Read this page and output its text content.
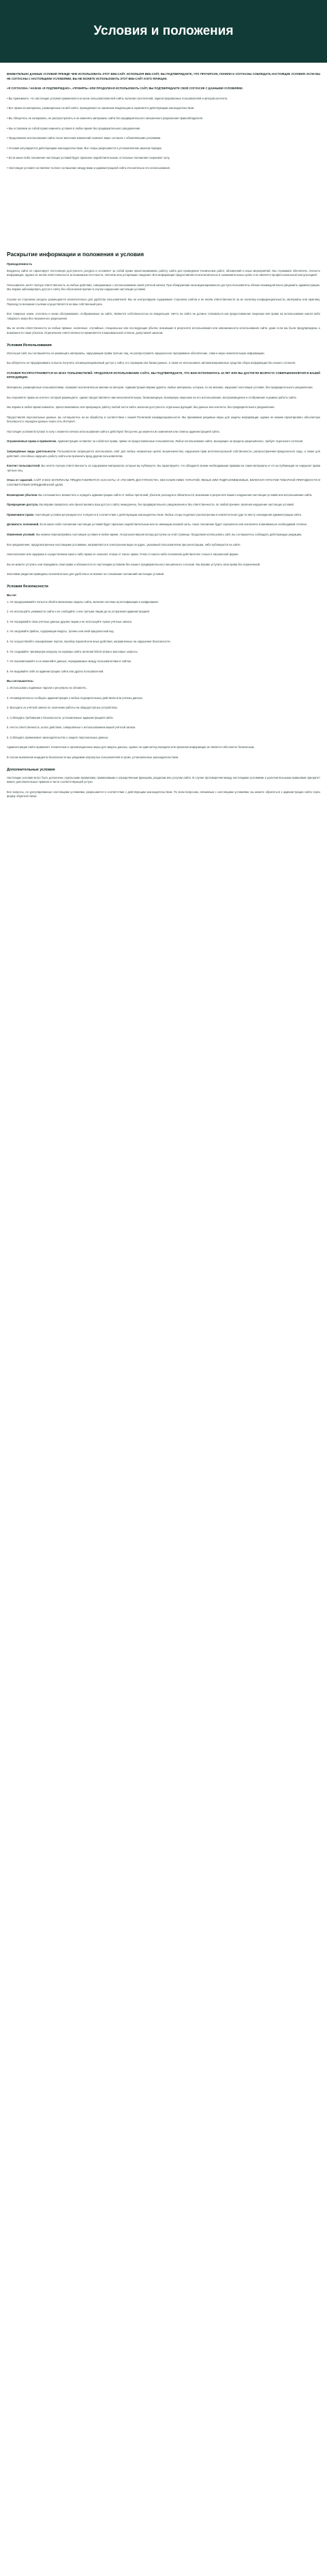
Условия и положения

ВНИМАТЕЛЬНО ДАННЫЕ УСЛОВИЯ ПРЕЖДЕ ЧЕМ ИСПОЛЬЗОВАТЬ ЭТОТ ВЕБ-САЙТ. ИСПОЛЬЗУЯ ВЕБ-САЙТ, ВЫ ПОДТВЕРЖДАЕТЕ, ЧТО ПРОЧИТАЛИ, ПОНЯЛИ И СОГЛАСНЫ СОБЛЮДАТЬ НАСТОЯЩИЕ УСЛОВИЯ. ЕСЛИ ВЫ НЕ СОГЛАСНЫ С НАСТОЯЩИМИ УСЛОВИЯМИ, ВЫ НЕ МОЖЕТЕ ИСПОЛЬЗОВАТЬ ЭТОТ ВЕБ-САЙТ И ЕГО ФУНКЦИИ.

«Я СОГЛАСЕН» / НАЖАВ «Я ПОДТВЕРЖДАЮ», «ПРИНЯТЬ» ИЛИ ПРОДОЛЖАЯ ИСПОЛЬЗОВАТЬ САЙТ, ВЫ ПОДТВЕРЖДАЕТЕ СВОЁ СОГЛАСИЕ С ДАННЫМИ УСЛОВИЯМИ.

• Вы принимаете, что настоящие условия применяются ко всем пользователям веб-сайта, включая посетителей, зарегистрированных пользователей и авторов контента.

• Все права на материалы, размещённые на веб-сайте, принадлежат их законным владельцам и охраняются действующим законодательством.

• Вы обязуетесь не копировать, не распространять и не изменять материалы сайта без предварительного письменного разрешения правообладателя.

• Мы оставляем за собой право изменять условия в любое время без предварительного уведомления.

• Продолжение использования сайта после внесения изменений означает ваше согласие с обновлёнными условиями.

• Условия регулируются действующим законодательством. Все споры разрешаются в установленном законом порядке.

• Если какое-либо положение настоящих условий будет признано недействительным, остальные положения сохраняют силу.

• Настоящие условия составляют полное соглашение между вами и администрацией сайта относительно его использования.

Раскрытие информации и положения и условия
Принадлежность

Владелец сайта не гарантирует постоянную доступность ресурса и оставляет за собой право приостанавливать работу сайта для проведения технических работ, обновлений и иных мероприятий. Мы стремимся обеспечить точность информации, однако не несём ответственности за возможные неточности, опечатки или устаревшие сведения. Вся информация предоставляется исключительно в ознакомительных целях и не является профессиональной консультацией.

Пользователь несёт полную ответственность за любые действия, совершаемые с использованием своей учётной записи. При обнаружении несанкционированного доступа пользователь обязан незамедлительно уведомить администрацию. Мы вправе заблокировать доступ к сайту без объяснения причин в случае нарушения настоящих условий.

Ссылки на сторонние ресурсы размещаются исключительно для удобства пользователей. Мы не контролируем содержимое сторонних сайтов и не несём ответственности за их политику конфиденциальности, материалы или практику. Переход по внешним ссылкам осуществляется на ваш собственный риск.

Все товарные знаки, логотипы и знаки обслуживания, отображаемые на сайте, являются собственностью их владельцев. Ничто на сайте не должно толковаться как предоставление лицензии или права на использование какого-либо товарного знака без письменного разрешения.

Мы не несём ответственности за любые прямые, косвенные, случайные, специальные или последующие убытки, возникшие в результате использования или невозможности использования сайта, даже если мы были предупреждены о возможности таких убытков. Ограничение ответственности применяется в максимальной степени, допустимой законом.

Условия Использования

Используя сайт, вы соглашаетесь не размещать материалы, нарушающие права третьих лиц, не распространять вредоносное программное обеспечение, спам и иную нежелательную информацию.

Вы обязуетесь не предпринимать попыток получить несанкционированный доступ к сайту, его серверам или базам данных, а также не использовать автоматизированные средства сбора информации без нашего согласия.

УСЛОВИЯ РАСПРОСТРАНЯЮТСЯ НА ВСЕХ ПОЛЬЗОВАТЕЛЕЙ. ПРОДОЛЖАЯ ИСПОЛЬЗОВАНИЕ САЙТА, ВЫ ПОДТВЕРЖДАЕТЕ, ЧТО ВАМ ИСПОЛНИЛОСЬ 18 ЛЕТ ИЛИ ВЫ ДОСТИГЛИ ВОЗРАСТА СОВЕРШЕННОЛЕТИЯ В ВАШЕЙ ЮРИСДИКЦИИ.

Материалы, размещённые пользователями, отражают исключительно мнение их авторов. Администрация вправе удалять любые материалы, которые, по её мнению, нарушают настоящие условия, без предварительного уведомления.

Вы сохраняете права на контент, который размещаете, однако предоставляете нам неисключительную, безвозмездную, всемирную лицензию на его использование, воспроизведение и отображение в рамках работы сайта.

Мы вправе в любое время изменять, приостанавливать или прекращать работу любой части сайта, включая доступность отдельных функций, баз данных или контента, без предварительного уведомления.

Предоставляя персональные данные, вы соглашаетесь на их обработку в соответствии с нашей Политикой конфиденциальности. Мы принимаем разумные меры для защиты информации, однако не можем гарантировать абсолютную безопасность передачи данных через сеть Интернет.

Настоящие условия вступают в силу с момента начала использования сайта и действуют бессрочно до момента их изменения или отмены администрацией сайта.

Ограниченные права и привилегии. Администрация оставляет за собой все права, прямо не предоставленные пользователю. Любое использование сайта, выходящее за пределы разрешённого, требует отдельного согласия.

Запрещённые виды деятельности. Пользователю запрещается использовать сайт для любых незаконных целей, мошенничества, нарушения прав интеллектуальной собственности, распространения вредоносного кода, а также для действий, способных нарушить работу сайта или причинить вред другим пользователям.

Контент пользователей. Вы несёте полную ответственность за содержание материалов, которые вы публикуете. Вы гарантируете, что обладаете всеми необходимыми правами на такие материалы и что их публикация не нарушает права третьих лиц.

Отказ от гарантий. САЙТ И ВСЕ МАТЕРИАЛЫ ПРЕДОСТАВЛЯЮТСЯ «КАК ЕСТЬ» И «ПО МЕРЕ ДОСТУПНОСТИ», БЕЗ КАКИХ-ЛИБО ГАРАНТИЙ, ЯВНЫХ ИЛИ ПОДРАЗУМЕВАЕМЫХ, ВКЛЮЧАЯ ГАРАНТИИ ТОВАРНОЙ ПРИГОДНОСТИ И СООТВЕТСТВИЯ ОПРЕДЕЛЁННОЙ ЦЕЛИ.

Возмещение убытков. Вы соглашаетесь возместить и оградить администрацию сайта от любых претензий, убытков, расходов и обязательств, возникших в результате вашего нарушения настоящих условий или использования сайта.

Прекращение доступа. Мы вправе прекратить или приостановить ваш доступ к сайту немедленно, без предварительного уведомления и без ответственности, по любой причине, включая нарушение настоящих условий.

Применимое право. Настоящие условия регулируются и толкуются в соответствии с действующим законодательством. Любые споры подлежат рассмотрению в компетентном суде по месту нахождения администрации сайта.

Делимость положений. Если какое-либо положение настоящих условий будет признано недействительным или не имеющим исковой силы, такое положение будет ограничено или исключено в минимально необходимой степени.

Изменения условий. Мы можем пересматривать настоящие условия в любое время. Актуальная версия всегда доступна на этой странице. Продолжая использовать сайт, вы соглашаетесь соблюдать действующую редакцию.

Все уведомления, предусмотренные настоящими условиями, направляются в электронном виде на адрес, указанный пользователем при регистрации, либо публикуются на сайте.

Неисполнение или задержка в осуществлении какого-либо права не означает отказа от такого права. Отказ от какого-либо положения действителен только в письменной форме.

Вы не можете уступать или передавать свои права и обязанности по настоящим условиям без нашего предварительного письменного согласия. Мы вправе уступить свои права без ограничений.

Заголовки разделов приведены исключительно для удобства и не влияют на толкование положений настоящих условий.

Условия безопасности
Вы не:

1. Не предпринимайте попыток обойти механизмы защиты сайта, включая системы аутентификации и шифрования.

2. Не используйте уязвимости сайта и не сообщайте о них третьим лицам до их устранения администрацией.

3. Не передавайте свои учётные данные другим лицам и не используйте чужие учётные записи.

4. Не загружайте файлы, содержащие вирусы, трояны или иной вредоносный код.

5. Не осуществляйте сканирование портов, перебор паролей или иные действия, направленные на нарушение безопасности.

6. Не создавайте чрезмерную нагрузку на серверы сайта, включая DDoS-атаки и массовые запросы.

7. Не перехватывайте и не изменяйте данные, передаваемые между пользователями и сайтом.

8. Не выдавайте себя за администрацию сайта или других пользователей.

Вы соглашаетесь:

1. Использовать надёжные пароли и регулярно их обновлять.

2. Незамедлительно сообщать администрации о любых подозрительных действиях или утечках данных.

3. Выходить из учётной записи по окончании работы на общедоступных устройствах.

4. Соблюдать требования к безопасности, установленные администрацией сайта.

5. Нести ответственность за все действия, совершённые с использованием вашей учётной записи.

6. Соблюдать применимое законодательство о защите персональных данных.

Администрация сайта применяет технические и организационные меры для защиты данных, однако ни один метод передачи или хранения информации не является абсолютно безопасным.

В случае выявления инцидента безопасности мы уведомим затронутых пользователей в сроки, установленные законодательством.

Дополнительные условия

Настоящие условия могут быть дополнены отдельными правилами, применимыми к определённым функциям, разделам или услугам сайта. В случае противоречия между настоящими условиями и дополнительными правилами приоритет имеют дополнительные правила в части соответствующей услуги.

Все вопросы, не урегулированные настоящими условиями, разрешаются в соответствии с действующим законодательством. По всем вопросам, связанным с настоящими условиями, вы можете обратиться к администрации сайта через форму обратной связи.
